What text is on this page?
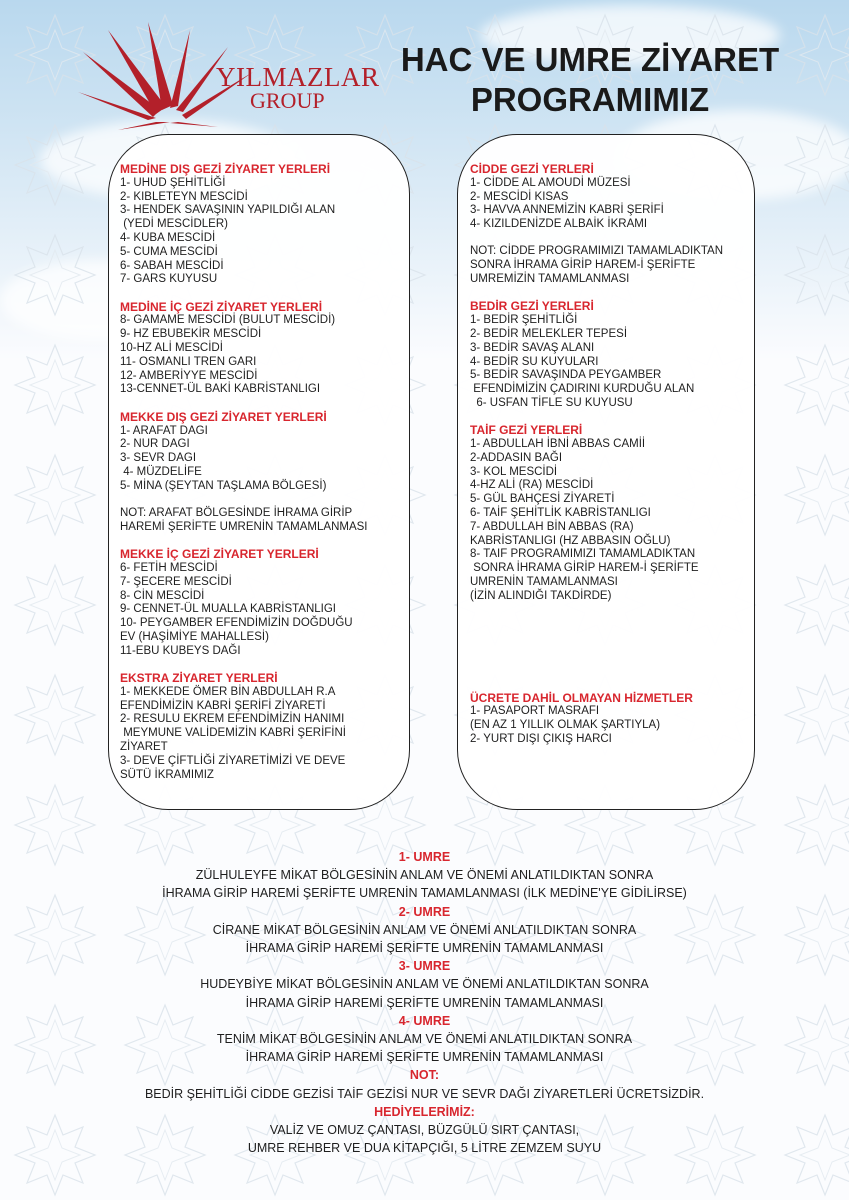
YILMAZLAR
GROUP
HAC VE UMRE ZİYARET
PROGRAMIMIZ
MEDİNE DIŞ GEZİ ZİYARET YERLERİ
1- UHUD ŞEHİTLİĞİ
2- KIBLETEYN MESCİDİ
3- HENDEK SAVAŞININ YAPILDIĞI ALAN
(YEDİ MESCİDLER)
4- KUBA MESCİDİ
5- CUMA MESCİDİ
6- SABAH MESCİDİ
7- GARS KUYUSU
MEDİNE İÇ GEZİ ZİYARET YERLERİ
8- GAMAME MESCİDİ (BULUT MESCİDİ)
9- HZ EBUBEKİR MESCİDİ
10-HZ ALİ MESCİDİ
11- OSMANLI TREN GARI
12- AMBERİYYE MESCİDİ
13-CENNET-ÜL BAKİ KABRİSTANLIGI
MEKKE DIŞ GEZİ ZİYARET YERLERİ
1- ARAFAT DAGI
2- NUR DAGI
3- SEVR DAGI
4- MÜZDELİFE
5- MİNA (ŞEYTAN TAŞLAMA BÖLGESİ)
NOT: ARAFAT BÖLGESİNDE İHRAMA GİRİP
HAREMİ ŞERİFTE UMRENİN TAMAMLANMASI
MEKKE İÇ GEZİ ZİYARET YERLERİ
6- FETİH MESCİDİ
7- ŞECERE MESCİDİ
8- CİN MESCİDİ
9- CENNET-ÜL MUALLA KABRİSTANLIGI
10- PEYGAMBER EFENDİMİZİN DOĞDUĞU
EV (HAŞİMİYE MAHALLESİ)
11-EBU KUBEYS DAĞI
EKSTRA ZİYARET YERLERİ
1- MEKKEDE ÖMER BİN ABDULLAH R.A
EFENDİMİZİN KABRİ ŞERİFİ ZİYARETİ
2- RESULU EKREM EFENDİMİZİN HANIMI
MEYMUNE VALİDEMİZİN KABRİ ŞERİFİNİ
ZİYARET
3- DEVE ÇİFTLİĞİ ZİYARETİMİZİ VE DEVE
SÜTÜ İKRAMIMIZ
CİDDE GEZİ YERLERİ
1- CİDDE AL AMOUDİ MÜZESİ
2- MESCİDİ KISAS
3- HAVVA ANNEMİZİN KABRİ ŞERİFİ
4- KIZILDENİZDE ALBAİK İKRAMI
NOT: CİDDE PROGRAMIMIZI TAMAMLADIKTAN
SONRA İHRAMA GİRİP HAREM-İ ŞERİFTE
UMREMİZİN TAMAMLANMASI
BEDİR GEZİ YERLERİ
1- BEDİR ŞEHİTLİĞİ
2- BEDİR MELEKLER TEPESİ
3- BEDİR SAVAŞ ALANI
4- BEDİR SU KUYULARI
5- BEDİR SAVAŞINDA PEYGAMBER
EFENDİMİZİN ÇADIRINI KURDUĞU ALAN
6- USFAN TİFLE SU KUYUSU
TAİF GEZİ YERLERİ
1- ABDULLAH İBNİ ABBAS CAMİİ
2-ADDASIN BAĞI
3- KOL MESCİDİ
4-HZ ALİ (RA) MESCİDİ
5- GÜL BAHÇESİ ZİYARETİ
6- TAİF ŞEHİTLİK KABRİSTANLIGI
7- ABDULLAH BİN ABBAS (RA)
KABRİSTANLIGI (HZ ABBASIN OĞLU)
8- TAIF PROGRAMIMIZI TAMAMLADIKTAN
SONRA İHRAMA GİRİP HAREM-İ ŞERİFTE
UMRENİN TAMAMLANMASI
(İZİN ALINDIĞI TAKDİRDE)
ÜCRETE DAHİL OLMAYAN HİZMETLER
1- PASAPORT MASRAFI
(EN AZ 1 YILLIK OLMAK ŞARTIYLA)
2- YURT DIŞI ÇIKIŞ HARCI
1- UMRE
ZÜLHULEYFE MİKAT BÖLGESİNİN ANLAM VE ÖNEMİ ANLATILDIKTAN SONRA
İHRAMA GİRİP HAREMİ ŞERİFTE UMRENİN TAMAMLANMASI (İLK MEDİNE'YE GİDİLİRSE)
2- UMRE
CİRANE MİKAT BÖLGESİNİN ANLAM VE ÖNEMİ ANLATILDIKTAN SONRA
İHRAMA GİRİP HAREMİ ŞERİFTE UMRENİN TAMAMLANMASI
3- UMRE
HUDEYBİYE MİKAT BÖLGESİNİN ANLAM VE ÖNEMİ ANLATILDIKTAN SONRA
İHRAMA GİRİP HAREMİ ŞERİFTE UMRENİN TAMAMLANMASI
4- UMRE
TENİM MİKAT BÖLGESİNİN ANLAM VE ÖNEMİ ANLATILDIKTAN SONRA
İHRAMA GİRİP HAREMİ ŞERİFTE UMRENİN TAMAMLANMASI
NOT:
BEDİR ŞEHİTLİĞİ CİDDE GEZİSİ TAİF GEZİSİ NUR VE SEVR DAĞI ZİYARETLERİ ÜCRETSİZDİR.
HEDİYELERİMİZ:
VALİZ VE OMUZ ÇANTASI, BÜZGÜLÜ SIRT ÇANTASI,
UMRE REHBER VE DUA KİTAPÇIĞI, 5 LİTRE ZEMZEM SUYU
